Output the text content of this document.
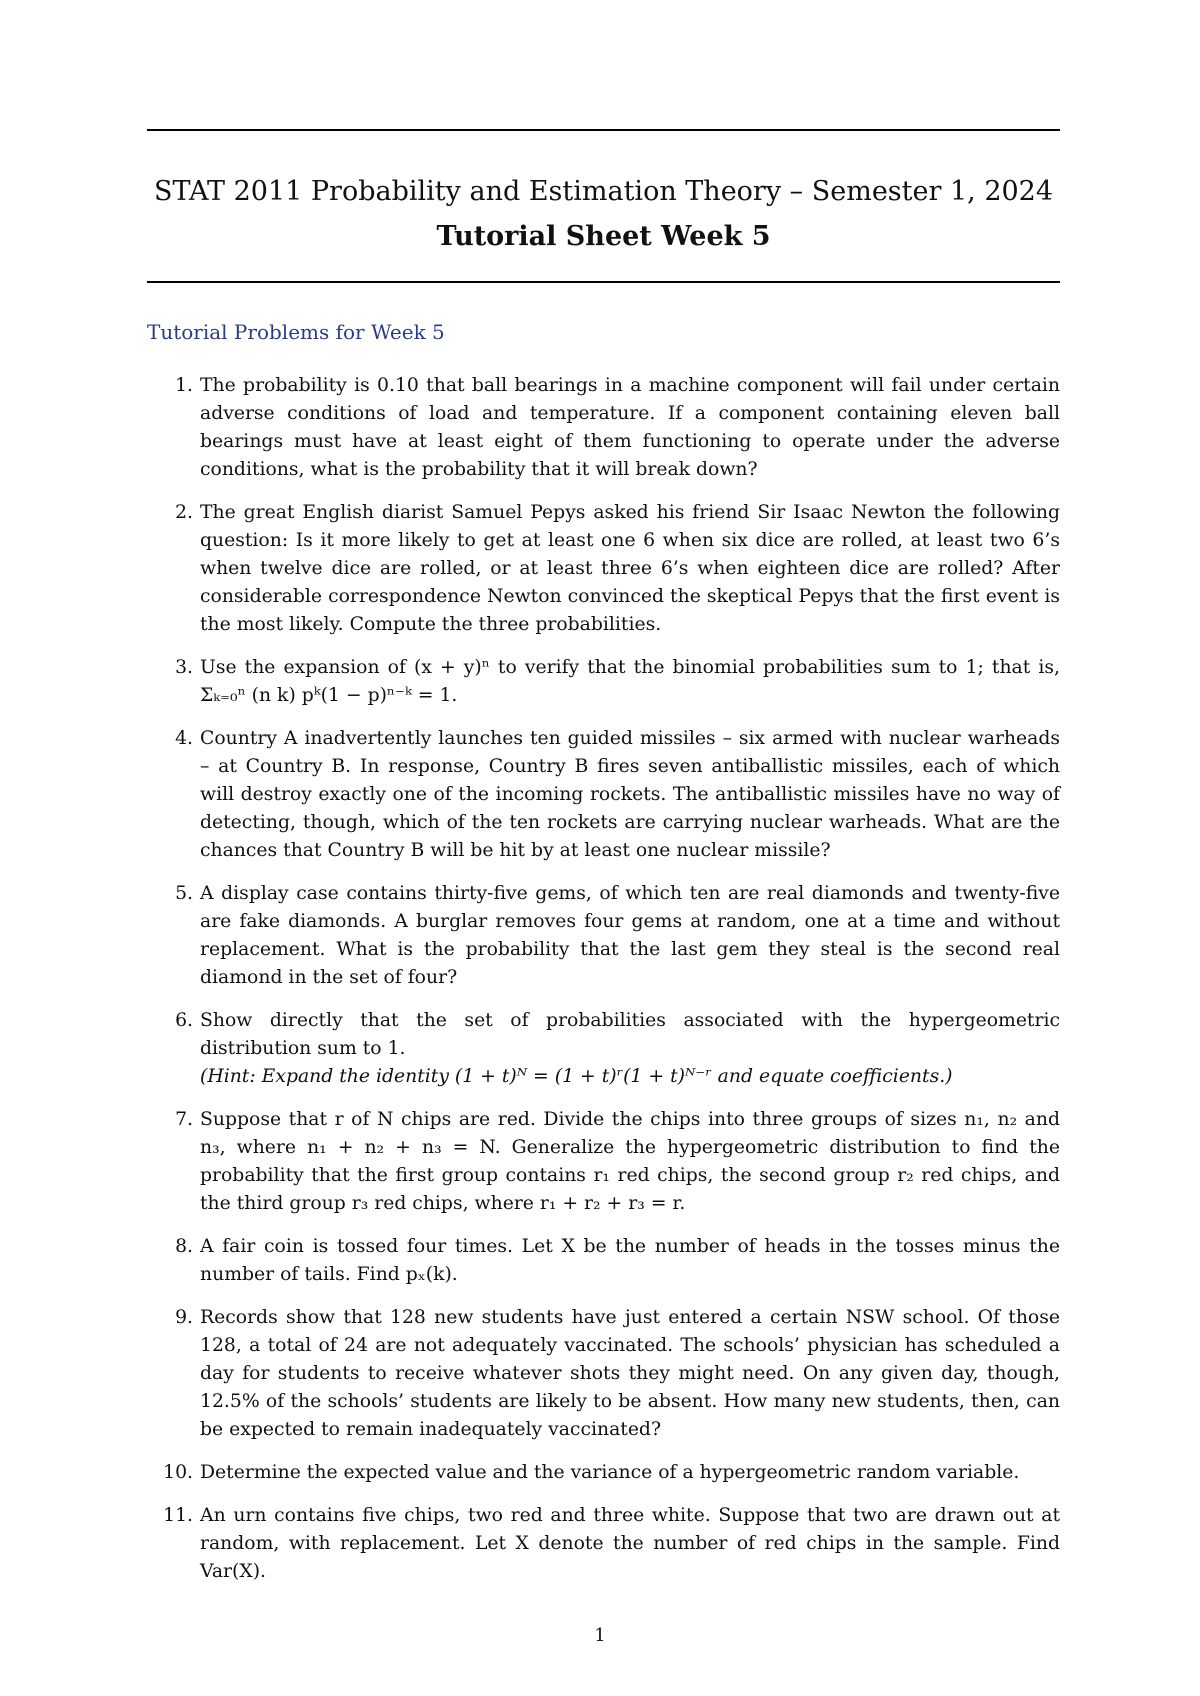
STAT 2011 Probability and Estimation Theory – Semester 1, 2024
Tutorial Sheet Week 5
Tutorial Problems for Week 5
1. The probability is 0.10 that ball bearings in a machine component will fail under certain adverse conditions of load and temperature. If a component containing eleven ball bearings must have at least eight of them functioning to operate under the adverse conditions, what is the probability that it will break down?
2. The great English diarist Samuel Pepys asked his friend Sir Isaac Newton the following question: Is it more likely to get at least one 6 when six dice are rolled, at least two 6’s when twelve dice are rolled, or at least three 6’s when eighteen dice are rolled? After considerable correspondence Newton convinced the skeptical Pepys that the first event is the most likely. Compute the three probabilities.
3. Use the expansion of (x + y)ⁿ to verify that the binomial probabilities sum to 1; that is, Σₖ₌₀ⁿ (n k) pᵏ(1 − p)ⁿ⁻ᵏ = 1.
4. Country A inadvertently launches ten guided missiles – six armed with nuclear warheads – at Country B. In response, Country B fires seven antiballistic missiles, each of which will destroy exactly one of the incoming rockets. The antiballistic missiles have no way of detecting, though, which of the ten rockets are carrying nuclear warheads. What are the chances that Country B will be hit by at least one nuclear missile?
5. A display case contains thirty-five gems, of which ten are real diamonds and twenty-five are fake diamonds. A burglar removes four gems at random, one at a time and without replacement. What is the probability that the last gem they steal is the second real diamond in the set of four?
6. Show directly that the set of probabilities associated with the hypergeometric distribution sum to 1.
(Hint: Expand the identity (1 + t)ᴺ = (1 + t)ʳ(1 + t)ᴺ⁻ʳ and equate coefficients.)
7. Suppose that r of N chips are red. Divide the chips into three groups of sizes n₁, n₂ and n₃, where n₁ + n₂ + n₃ = N. Generalize the hypergeometric distribution to find the probability that the first group contains r₁ red chips, the second group r₂ red chips, and the third group r₃ red chips, where r₁ + r₂ + r₃ = r.
8. A fair coin is tossed four times. Let X be the number of heads in the tosses minus the number of tails. Find pₓ(k).
9. Records show that 128 new students have just entered a certain NSW school. Of those 128, a total of 24 are not adequately vaccinated. The schools’ physician has scheduled a day for students to receive whatever shots they might need. On any given day, though, 12.5% of the schools’ students are likely to be absent. How many new students, then, can be expected to remain inadequately vaccinated?
10. Determine the expected value and the variance of a hypergeometric random variable.
11. An urn contains five chips, two red and three white. Suppose that two are drawn out at random, with replacement. Let X denote the number of red chips in the sample. Find Var(X).
1
